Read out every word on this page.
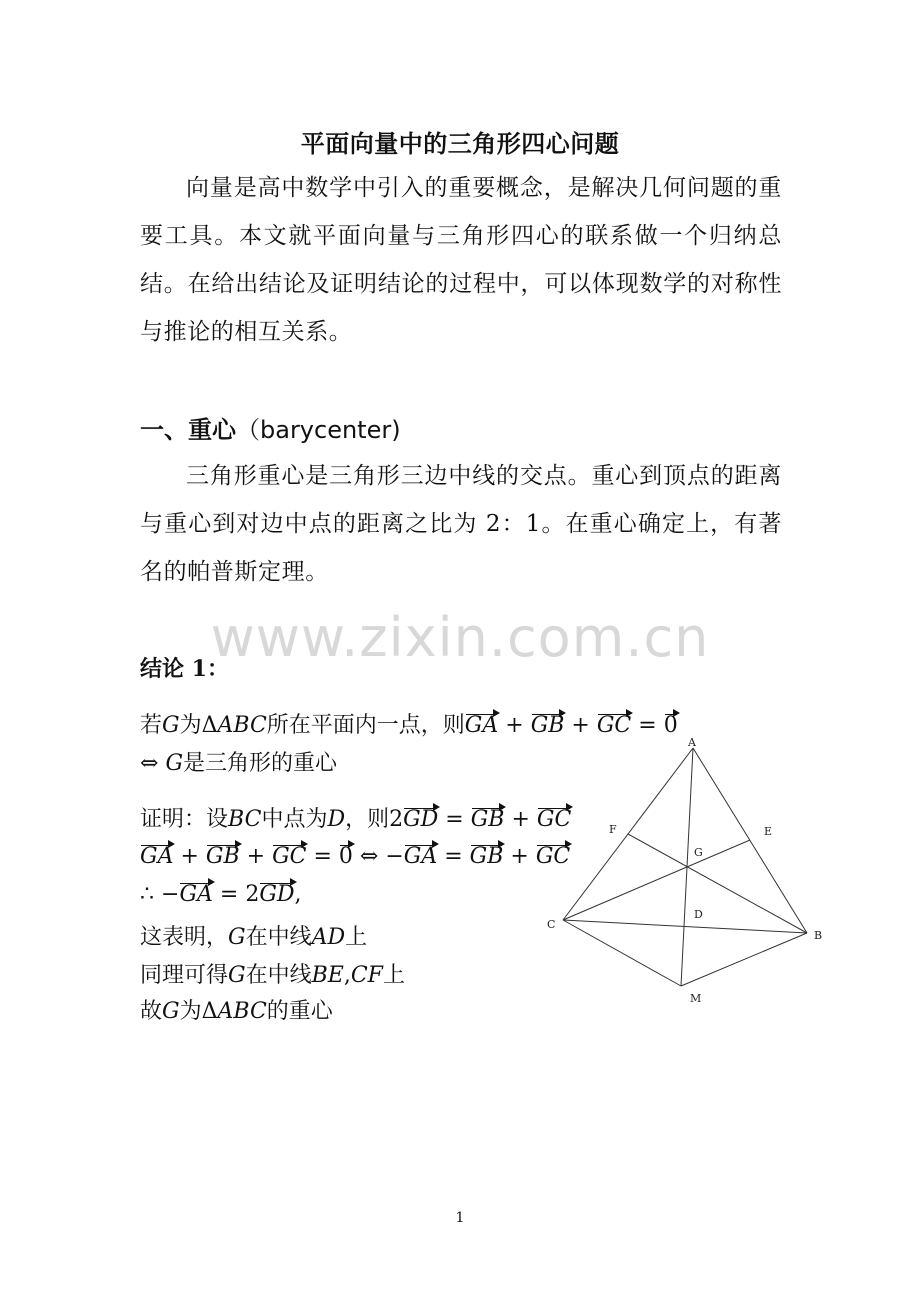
平面向量中的三角形四心问题
向量是高中数学中引入的重要概念，是解决几何问题的重要工具。本文就平面向量与三角形四心的联系做一个归纳总结。在给出结论及证明结论的过程中，可以体现数学的对称性与推论的相互关系。
一、重心（barycenter)
三角形重心是三角形三边中线的交点。重心到顶点的距离与重心到对边中点的距离之比为 2：1。在重心确定上，有著名的帕普斯定理。
www.zixin.com.cn
结论 1：
若G为ΔABC所在平面内一点，则GA + GB + GC = 0
⇔ G是三角形的重心
证明：设BC中点为D，则2GD = GB + GC
GA + GB + GC = 0 ⇔ −GA = GB + GC
∴ −GA = 2GD,
这表明，G在中线AD上
同理可得G在中线BE,CF上
故G为ΔABC的重心
A
B
C
D
E
F
G
M
1
